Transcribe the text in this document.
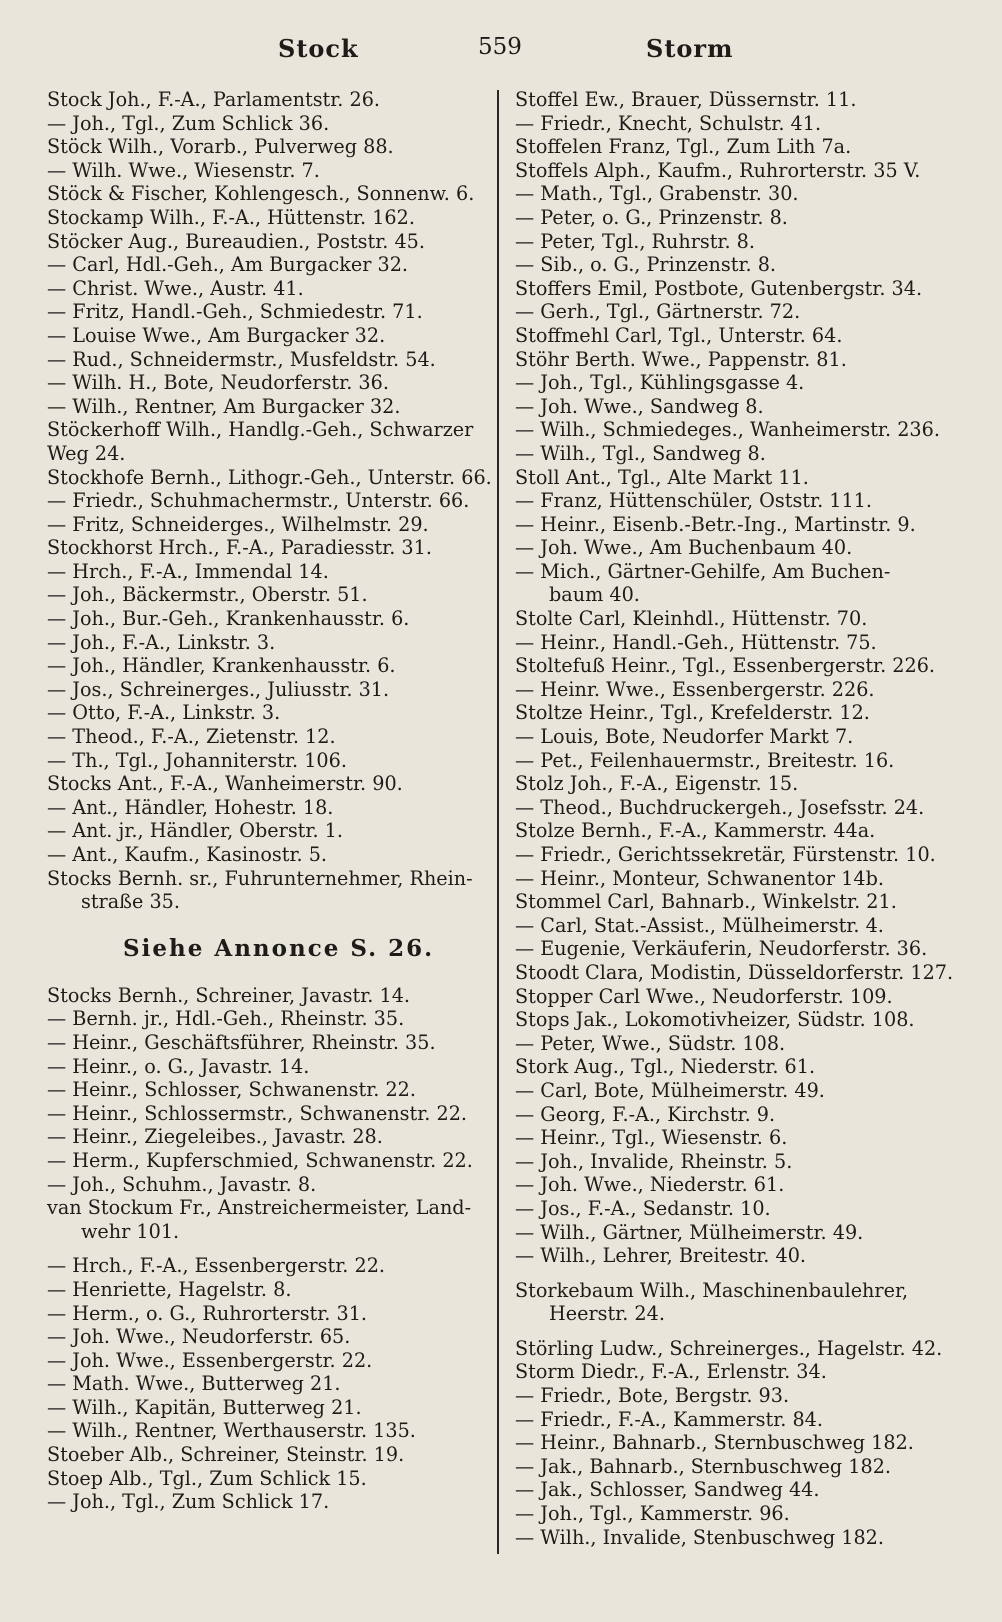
Stock	559	Storm
Stock Joh., F.-A., Parlamentstr. 26.
— Joh., Tgl., Zum Schlick 36.
Stöck Wilh., Vorarb., Pulverweg 88.
— Wilh. Wwe., Wiesenstr. 7.
Stöck & Fischer, Kohlengesch., Sonnenw. 6.
Stockamp Wilh., F.-A., Hüttenstr. 162.
Stöcker Aug., Bureaudien., Poststr. 45.
— Carl, Hdl.-Geh., Am Burgacker 32.
— Christ. Wwe., Austr. 41.
— Fritz, Handl.-Geh., Schmiedestr. 71.
— Louise Wwe., Am Burgacker 32.
— Rud., Schneidermstr., Musfeldstr. 54.
— Wilh. H., Bote, Neudorferstr. 36.
— Wilh., Rentner, Am Burgacker 32.
Stöckerhoff Wilh., Handlg.-Geh., Schwarzer
Weg 24.
Stockhofe Bernh., Lithogr.-Geh., Unterstr. 66.
— Friedr., Schuhmachermstr., Unterstr. 66.
— Fritz, Schneiderges., Wilhelmstr. 29.
Stockhorst Hrch., F.-A., Paradiesstr. 31.
— Hrch., F.-A., Immendal 14.
— Joh., Bäckermstr., Oberstr. 51.
— Joh., Bur.-Geh., Krankenhausstr. 6.
— Joh., F.-A., Linkstr. 3.
— Joh., Händler, Krankenhausstr. 6.
— Jos., Schreinerges., Juliusstr. 31.
— Otto, F.-A., Linkstr. 3.
— Theod., F.-A., Zietenstr. 12.
— Th., Tgl., Johanniterstr. 106.
Stocks Ant., F.-A., Wanheimerstr. 90.
— Ant., Händler, Hohestr. 18.
— Ant. jr., Händler, Oberstr. 1.
— Ant., Kaufm., Kasinostr. 5.
Stocks Bernh. sr., Fuhrunternehmer, Rhein-
straße 35.
Siehe Annonce S. 26.
Stocks Bernh., Schreiner, Javastr. 14.
— Bernh. jr., Hdl.-Geh., Rheinstr. 35.
— Heinr., Geschäftsführer, Rheinstr. 35.
— Heinr., o. G., Javastr. 14.
— Heinr., Schlosser, Schwanenstr. 22.
— Heinr., Schlossermstr., Schwanenstr. 22.
— Heinr., Ziegeleibes., Javastr. 28.
— Herm., Kupferschmied, Schwanenstr. 22.
— Joh., Schuhm., Javastr. 8.
van Stockum Fr., Anstreichermeister, Land-
wehr 101.
— Hrch., F.-A., Essenbergerstr. 22.
— Henriette, Hagelstr. 8.
— Herm., o. G., Ruhrorterstr. 31.
— Joh. Wwe., Neudorferstr. 65.
— Joh. Wwe., Essenbergerstr. 22.
— Math. Wwe., Butterweg 21.
— Wilh., Kapitän, Butterweg 21.
— Wilh., Rentner, Werthauserstr. 135.
Stoeber Alb., Schreiner, Steinstr. 19.
Stoep Alb., Tgl., Zum Schlick 15.
— Joh., Tgl., Zum Schlick 17.
Stoffel Ew., Brauer, Düssernstr. 11.
— Friedr., Knecht, Schulstr. 41.
Stoffelen Franz, Tgl., Zum Lith 7a.
Stoffels Alph., Kaufm., Ruhrorterstr. 35 V.
— Math., Tgl., Grabenstr. 30.
— Peter, o. G., Prinzenstr. 8.
— Peter, Tgl., Ruhrstr. 8.
— Sib., o. G., Prinzenstr. 8.
Stoffers Emil, Postbote, Gutenbergstr. 34.
— Gerh., Tgl., Gärtnerstr. 72.
Stoffmehl Carl, Tgl., Unterstr. 64.
Stöhr Berth. Wwe., Pappenstr. 81.
— Joh., Tgl., Kühlingsgasse 4.
— Joh. Wwe., Sandweg 8.
— Wilh., Schmiedeges., Wanheimerstr. 236.
— Wilh., Tgl., Sandweg 8.
Stoll Ant., Tgl., Alte Markt 11.
— Franz, Hüttenschüler, Oststr. 111.
— Heinr., Eisenb.-Betr.-Ing., Martinstr. 9.
— Joh. Wwe., Am Buchenbaum 40.
— Mich., Gärtner-Gehilfe, Am Buchen-
baum 40.
Stolte Carl, Kleinhdl., Hüttenstr. 70.
— Heinr., Handl.-Geh., Hüttenstr. 75.
Stoltefuß Heinr., Tgl., Essenbergerstr. 226.
— Heinr. Wwe., Essenbergerstr. 226.
Stoltze Heinr., Tgl., Krefelderstr. 12.
— Louis, Bote, Neudorfer Markt 7.
— Pet., Feilenhauermstr., Breitestr. 16.
Stolz Joh., F.-A., Eigenstr. 15.
— Theod., Buchdruckergeh., Josefsstr. 24.
Stolze Bernh., F.-A., Kammerstr. 44a.
— Friedr., Gerichtssekretär, Fürstenstr. 10.
— Heinr., Monteur, Schwanentor 14b.
Stommel Carl, Bahnarb., Winkelstr. 21.
— Carl, Stat.-Assist., Mülheimerstr. 4.
— Eugenie, Verkäuferin, Neudorferstr. 36.
Stoodt Clara, Modistin, Düsseldorferstr. 127.
Stopper Carl Wwe., Neudorferstr. 109.
Stops Jak., Lokomotivheizer, Südstr. 108.
— Peter, Wwe., Südstr. 108.
Stork Aug., Tgl., Niederstr. 61.
— Carl, Bote, Mülheimerstr. 49.
— Georg, F.-A., Kirchstr. 9.
— Heinr., Tgl., Wiesenstr. 6.
— Joh., Invalide, Rheinstr. 5.
— Joh. Wwe., Niederstr. 61.
— Jos., F.-A., Sedanstr. 10.
— Wilh., Gärtner, Mülheimerstr. 49.
— Wilh., Lehrer, Breitestr. 40.
Storkebaum Wilh., Maschinenbaulehrer,
Heerstr. 24.
Störling Ludw., Schreinerges., Hagelstr. 42.
Storm Diedr., F.-A., Erlenstr. 34.
— Friedr., Bote, Bergstr. 93.
— Friedr., F.-A., Kammerstr. 84.
— Heinr., Bahnarb., Sternbuschweg 182.
— Jak., Bahnarb., Sternbuschweg 182.
— Jak., Schlosser, Sandweg 44.
— Joh., Tgl., Kammerstr. 96.
— Wilh., Invalide, Stenbuschweg 182.
